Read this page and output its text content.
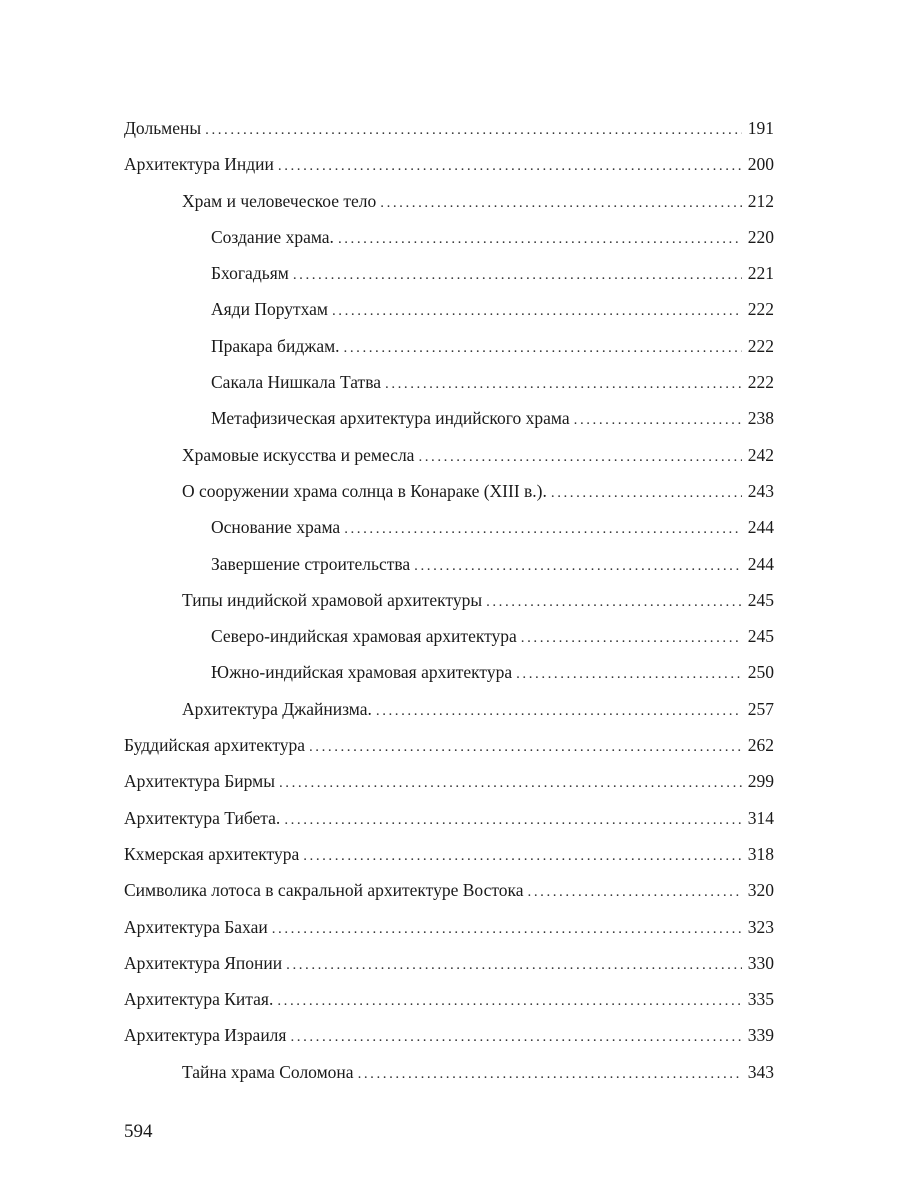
Дольмены . . .	191
Архитектура Индии . . .	200
Храм и человеческое тело . . .	212
Создание храма. . . .	220
Бхогадьям . . .	221
Аяди Порутхам . . .	222
Пракара биджам. . . .	222
Сакала Нишкала Татва . . .	222
Метафизическая архитектура индийского храма . . .	238
Храмовые искусства и ремесла . . .	242
О сооружении храма солнца в Конараке (XIII в.). . . .	243
Основание храма . . .	244
Завершение строительства . . .	244
Типы индийской храмовой архитектуры . . .	245
Северо-индийская храмовая архитектура . . .	245
Южно-индийская храмовая архитектура . . .	250
Архитектура Джайнизма. . . .	257
Буддийская архитектура . . .	262
Архитектура Бирмы . . .	299
Архитектура Тибета. . . .	314
Кхмерская архитектура . . .	318
Символика лотоса в сакральной архитектуре Востока . . .	320
Архитектура Бахаи . . .	323
Архитектура Японии . . .	330
Архитектура Китая. . . .	335
Архитектура Израиля . . .	339
Тайна храма Соломона . . .	343
594
